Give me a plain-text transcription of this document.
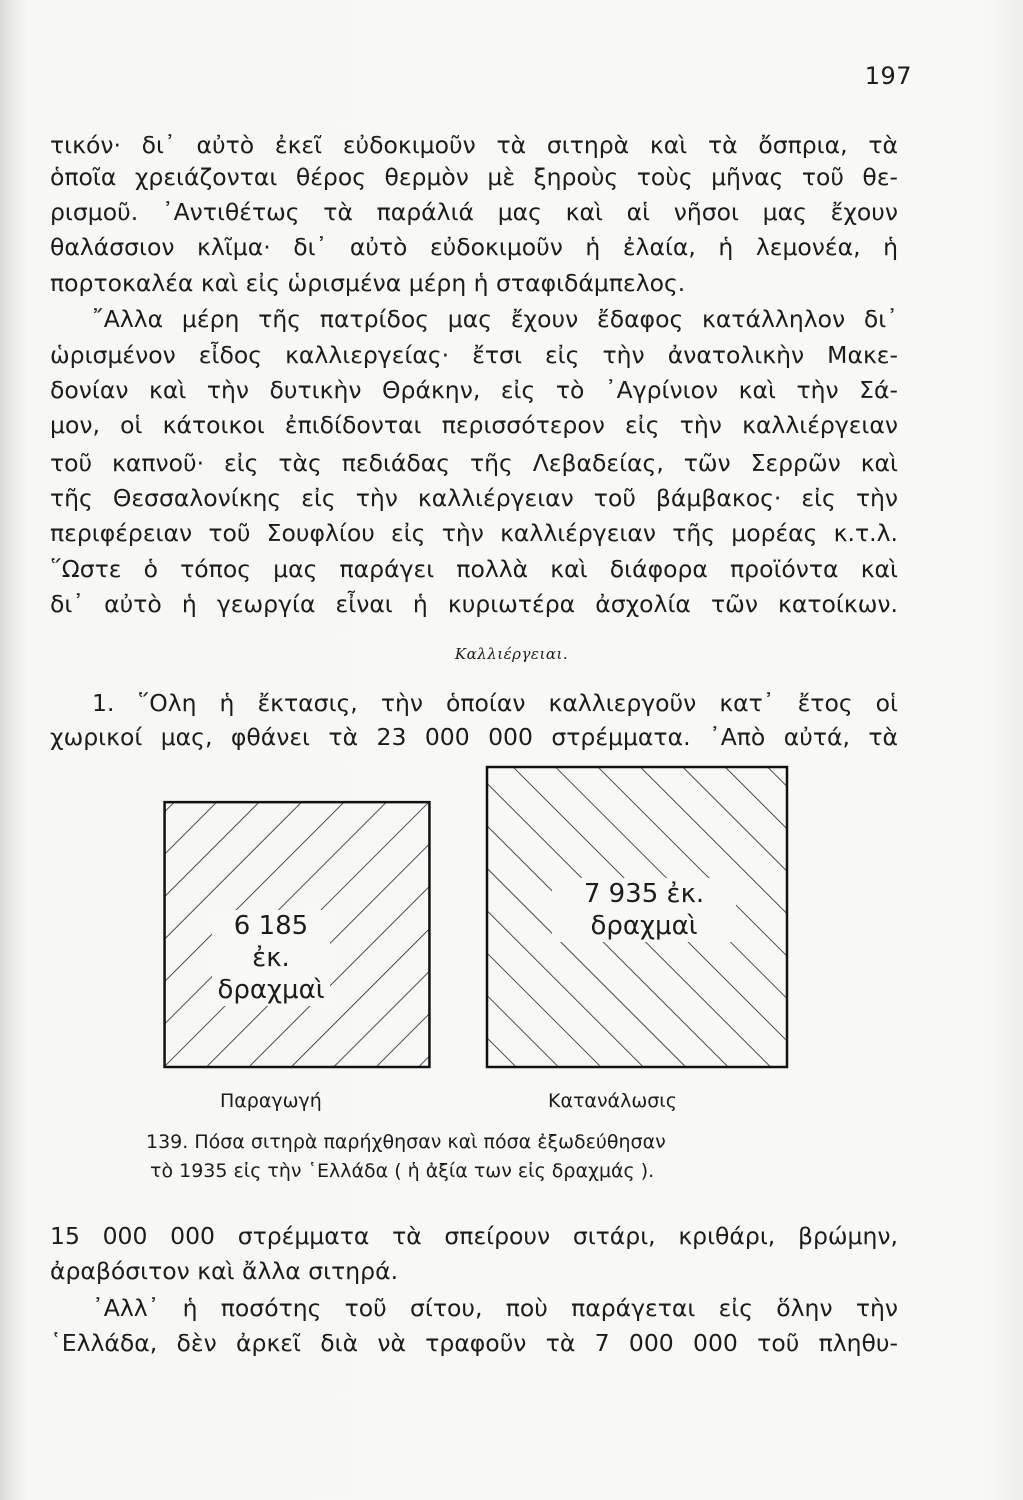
197
τικόν· δι᾽ αὐτὸ ἐκεῖ εὐδοκιμοῦν τὰ σιτηρὰ καὶ τὰ ὄσπρια, τὰ
ὁποῖα χρειάζονται θέρος θερμὸν μὲ ξηροὺς τοὺς μῆνας τοῦ θε-
ρισμοῦ. ᾿Αντιθέτως τὰ παράλιά μας καὶ αἱ νῆσοι μας ἔχουν
θαλάσσιον κλῖμα· δι᾽ αὐτὸ εὐδοκιμοῦν ἡ ἐλαία, ἡ λεμονέα, ἡ
πορτοκαλέα καὶ εἰς ὡρισμένα μέρη ἡ σταφιδάμπελος.
῎Αλλα μέρη τῆς πατρίδος μας ἔχουν ἔδαφος κατάλληλον δι᾽
ὡρισμένον εἶδος καλλιεργείας· ἔτσι εἰς τὴν ἀνατολικὴν Μακε-
δονίαν καὶ τὴν δυτικὴν Θράκην, εἰς τὸ ᾿Αγρίνιον καὶ τὴν Σά-
μον, οἱ κάτοικοι ἐπιδίδονται περισσότερον εἰς τὴν καλλιέργειαν
τοῦ καπνοῦ· εἰς τὰς πεδιάδας τῆς Λεβαδείας, τῶν Σερρῶν καὶ
τῆς Θεσσαλονίκης εἰς τὴν καλλιέργειαν τοῦ βάμβακος· εἰς τὴν
περιφέρειαν τοῦ Σουφλίου εἰς τὴν καλλιέργειαν τῆς μορέας κ.τ.λ.
῞Ωστε ὁ τόπος μας παράγει πολλὰ καὶ διάφορα προϊόντα καὶ
δι᾽ αὐτὸ ἡ γεωργία εἶναι ἡ κυριωτέρα ἀσχολία τῶν κατοίκων.
Καλλιέργειαι.
1. ῞Ολη ἡ ἔκτασις, τὴν ὁποίαν καλλιεργοῦν κατ᾽ ἔτος οἱ
χωρικοί μας, φθάνει τὰ 23 000 000 στρέμματα. ᾿Απὸ αὐτά, τὰ
6 185 ἐκ.
δραχμαὶ
7 935 ἐκ.
δραχμαὶ
Παραγωγή	Κατανάλωσις
139. Πόσα σιτηρὰ παρήχθησαν καὶ πόσα ἐξωδεύθησαν
τὸ 1935 εἰς τὴν ῾Ελλάδα ( ἡ ἀξία των εἰς δραχμάς ).
15 000 000 στρέμματα τὰ σπείρουν σιτάρι, κριθάρι, βρώμην,
ἀραβόσιτον καὶ ἄλλα σιτηρά.
᾿Αλλ᾽ ἡ ποσότης τοῦ σίτου, ποὺ παράγεται εἰς ὅλην τὴν
῾Ελλάδα, δὲν ἀρκεῖ διὰ νὰ τραφοῦν τὰ 7 000 000 τοῦ πληθυ-
